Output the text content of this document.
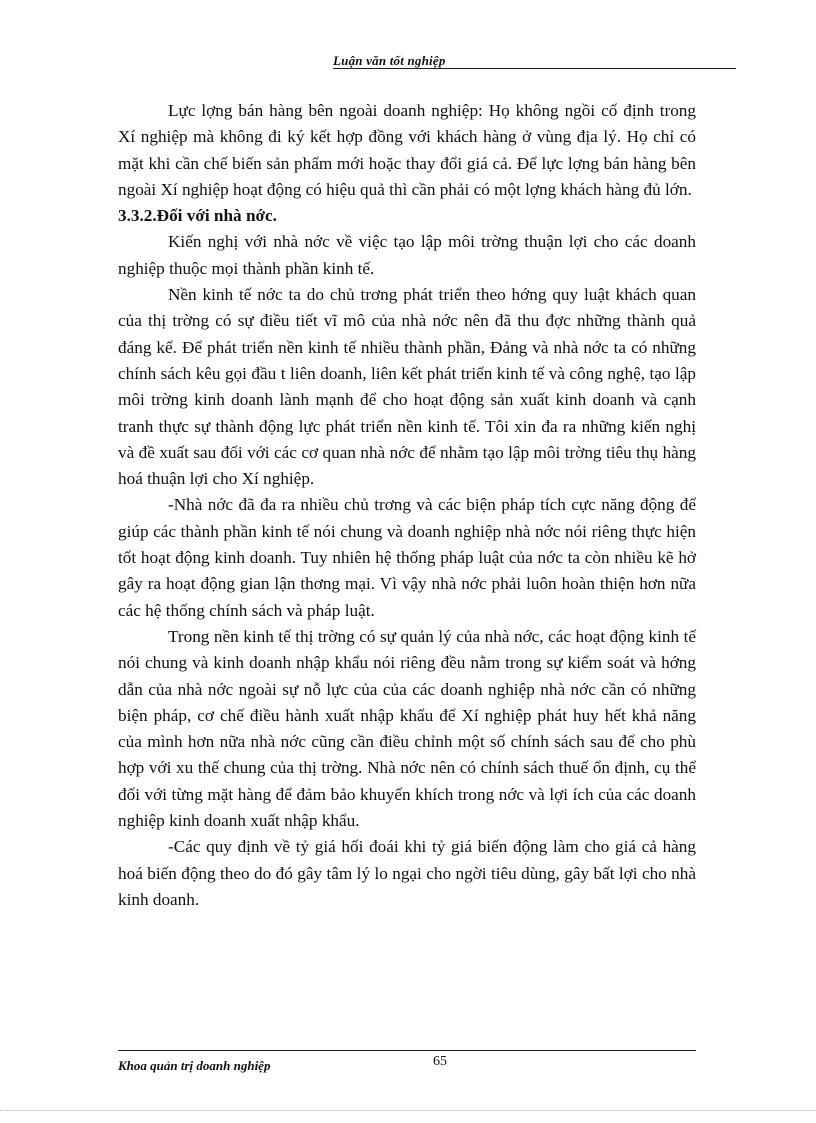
Luận văn tốt nghiệp

Lực lợng bán hàng bên ngoài doanh nghiệp: Họ không ngồi cố định trong Xí nghiệp mà không đi ký kết hợp đồng với khách hàng ở vùng địa lý. Họ chỉ có mặt khi cần chế biến sản phẩm mới hoặc thay đổi giá cả. Để lực lợng bán hàng bên ngoài Xí nghiệp hoạt động có hiệu quả thì cần phải có một lợng khách hàng đủ lớn.

3.3.2.Đối với nhà nớc.

Kiến nghị với nhà nớc về việc tạo lập môi trờng thuận lợi cho các doanh nghiệp thuộc mọi thành phần kinh tế.

Nền kinh tế nớc ta do chủ trơng phát triển theo hớng quy luật khách quan của thị trờng có sự điều tiết vĩ mô của nhà nớc nên đã thu đợc những thành quả đáng kể. Để phát triển nền kinh tế nhiều thành phần, Đảng và nhà nớc ta có những chính sách kêu gọi đầu t liên doanh, liên kết phát triển kinh tế và công nghệ, tạo lập môi trờng kinh doanh lành mạnh để cho hoạt động sản xuất kinh doanh và cạnh tranh thực sự thành động lực phát triển nền kinh tế. Tôi xin đa ra những kiến nghị và đề xuất sau đối với các cơ quan nhà nớc để nhằm tạo lập môi trờng tiêu thụ hàng hoá thuận lợi cho Xí nghiệp.

-Nhà nớc đã đa ra nhiều chủ trơng và các biện pháp tích cực năng động để giúp các thành phần kinh tế nói chung và doanh nghiệp nhà nớc nói riêng thực hiện tốt hoạt động kinh doanh. Tuy nhiên hệ thống pháp luật của nớc ta còn nhiều kẽ hở gây ra hoạt động gian lận thơng mại. Vì vậy nhà nớc phải luôn hoàn thiện hơn nữa các hệ thống chính sách và pháp luật.

Trong nền kinh tế thị trờng có sự quản lý của nhà nớc, các hoạt động kinh tế nói chung và kinh doanh nhập khẩu nói riêng đều nằm trong sự kiểm soát và hớng dẫn của nhà nớc ngoài sự nỗ lực của của các doanh nghiệp nhà nớc cần có những biện pháp, cơ chế điều hành xuất nhập khẩu để Xí nghiệp phát huy hết khả năng của mình hơn nữa nhà nớc cũng cần điều chỉnh một số chính sách sau để cho phù hợp với xu thế chung của thị trờng. Nhà nớc nên có chính sách thuế ổn định, cụ thể đối với từng mặt hàng để đảm bảo khuyến khích trong nớc và lợi ích của các doanh nghiệp kinh doanh xuất nhập khẩu.

-Các quy định về tỷ giá hối đoái khi tỷ giá biến động làm cho giá cả hàng hoá biến động theo do đó gây tâm lý lo ngại cho ngời tiêu dùng, gây bất lợi cho nhà kinh doanh.

Khoa quản trị doanh nghiệp	65
